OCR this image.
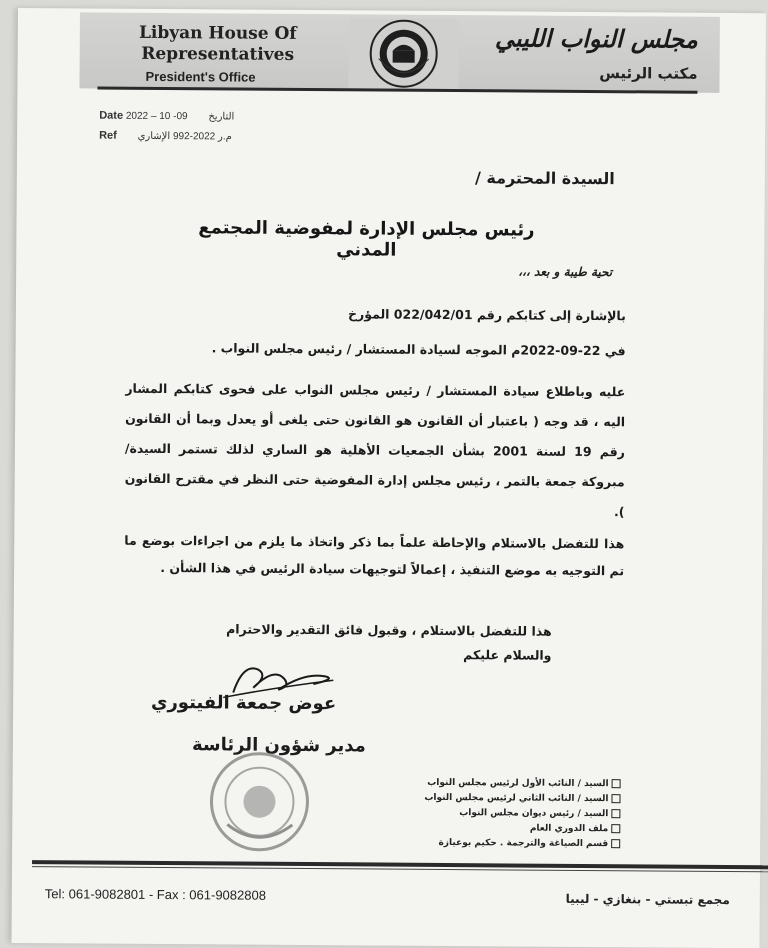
Libyan House Of
Representatives
President's Office
مجلس النواب الليبي
مكتب الرئيس
Date 2022 – 10 -09 التاريخ
Ref	م.ر 2022-992 الإشاري
السيدة المحترمة /
رئيس مجلس الإدارة لمفوضية المجتمع المدني
تحية طيبة و بعد ،،،
بالإشارة إلى كتابكم رقم 022/042/01 المؤرخ
في 22-09-2022م الموجه لسيادة المستشار / رئيس مجلس النواب .
عليه وباطلاع سيادة المستشار / رئيس مجلس النواب على فحوى كتابكم المشار اليه ، قد وجه ( باعتبار أن القانون هو القانون حتى يلغى أو يعدل وبما أن القانون رقم 19 لسنة 2001 بشأن الجمعيات الأهلية هو الساري لذلك تستمر السيدة/ مبروكة جمعة بالتمر ، رئيس مجلس إدارة المفوضية حتى النظر في مقترح القانون ).
هذا للتفضل بالاستلام والإحاطة علماً بما ذكر واتخاذ ما يلزم من اجراءات بوضع ما تم التوجيه به موضع التنفيذ ، إعمالاً لتوجيهات سيادة الرئيس في هذا الشأن .
هذا للتفضل بالاستلام ، وقبول فائق التقدير والاحترام
والسلام عليكم
عوض جمعة الفيتوري
مدير شؤون الرئاسة
السيد / النائب الأول لرئيس مجلس النواب
السيد / النائب الثاني لرئيس مجلس النواب
السيد / رئيس ديوان مجلس النواب
ملف الدوري العام
قسم الصياغة والترجمة . حكيم بوعيازة
Tel: 061-9082801 - Fax : 061-9082808	مجمع تبستي - بنغازي - ليبيا
